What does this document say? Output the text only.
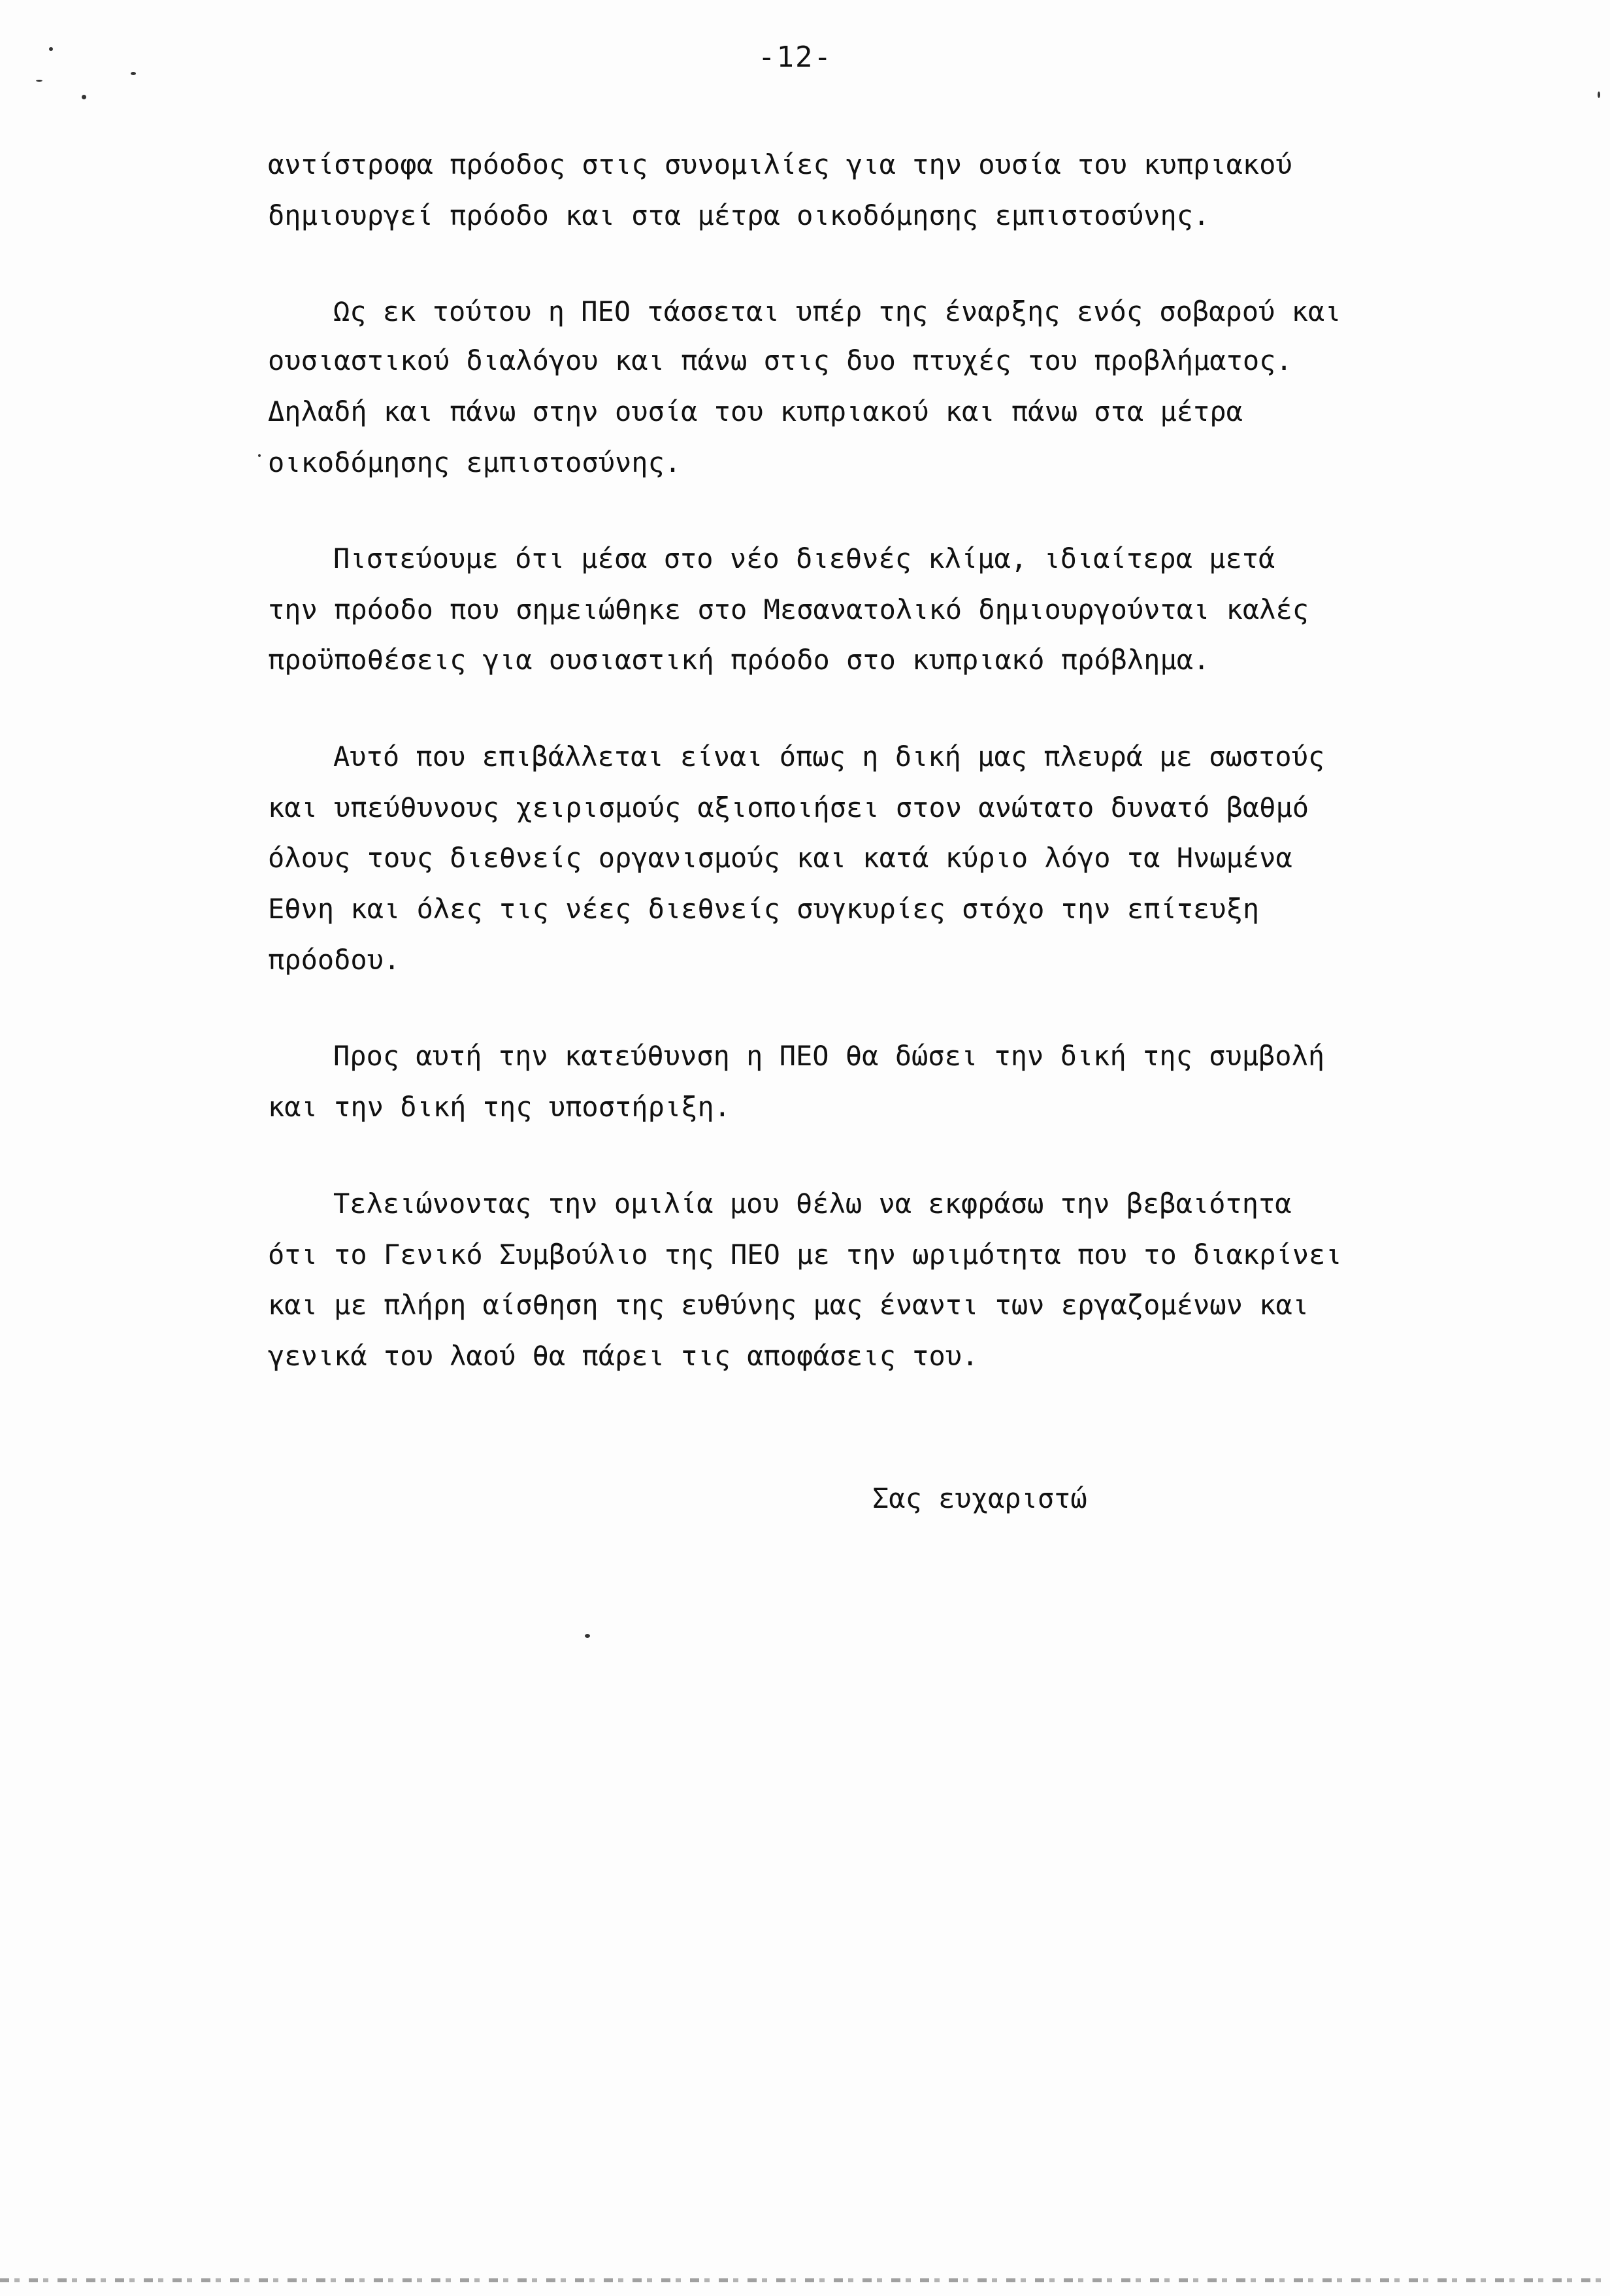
-12-
αντίστροφα πρόοδος στις συνομιλίες για την ουσία του κυπριακού
δημιουργεί πρόοδο και στα μέτρα οικοδόμησης εμπιστοσύνης.
Ως εκ τούτου η ΠΕΟ τάσσεται υπέρ της έναρξης ενός σοβαρού και
ουσιαστικού διαλόγου και πάνω στις δυο πτυχές του προβλήματος.
Δηλαδή και πάνω στην ουσία του κυπριακού και πάνω στα μέτρα
οικοδόμησης εμπιστοσύνης.
Πιστεύουμε ότι μέσα στο νέο διεθνές κλίμα, ιδιαίτερα μετά
την πρόοδο που σημειώθηκε στο Μεσανατολικό δημιουργούνται καλές
προϋποθέσεις για ουσιαστική πρόοδο στο κυπριακό πρόβλημα.
Αυτό που επιβάλλεται είναι όπως η δική μας πλευρά με σωστούς
και υπεύθυνους χειρισμούς αξιοποιήσει στον ανώτατο δυνατό βαθμό
όλους τους διεθνείς οργανισμούς και κατά κύριο λόγο τα Ηνωμένα
Εθνη και όλες τις νέες διεθνείς συγκυρίες στόχο την επίτευξη
πρόοδου.
Προς αυτή την κατεύθυνση η ΠΕΟ θα δώσει την δική της συμβολή
και την δική της υποστήριξη.
Τελειώνοντας την ομιλία μου θέλω να εκφράσω την βεβαιότητα
ότι το Γενικό Συμβούλιο της ΠΕΟ με την ωριμότητα που το διακρίνει
και με πλήρη αίσθηση της ευθύνης μας έναντι των εργαζομένων και
γενικά του λαού θα πάρει τις αποφάσεις του.
Σας ευχαριστώ
